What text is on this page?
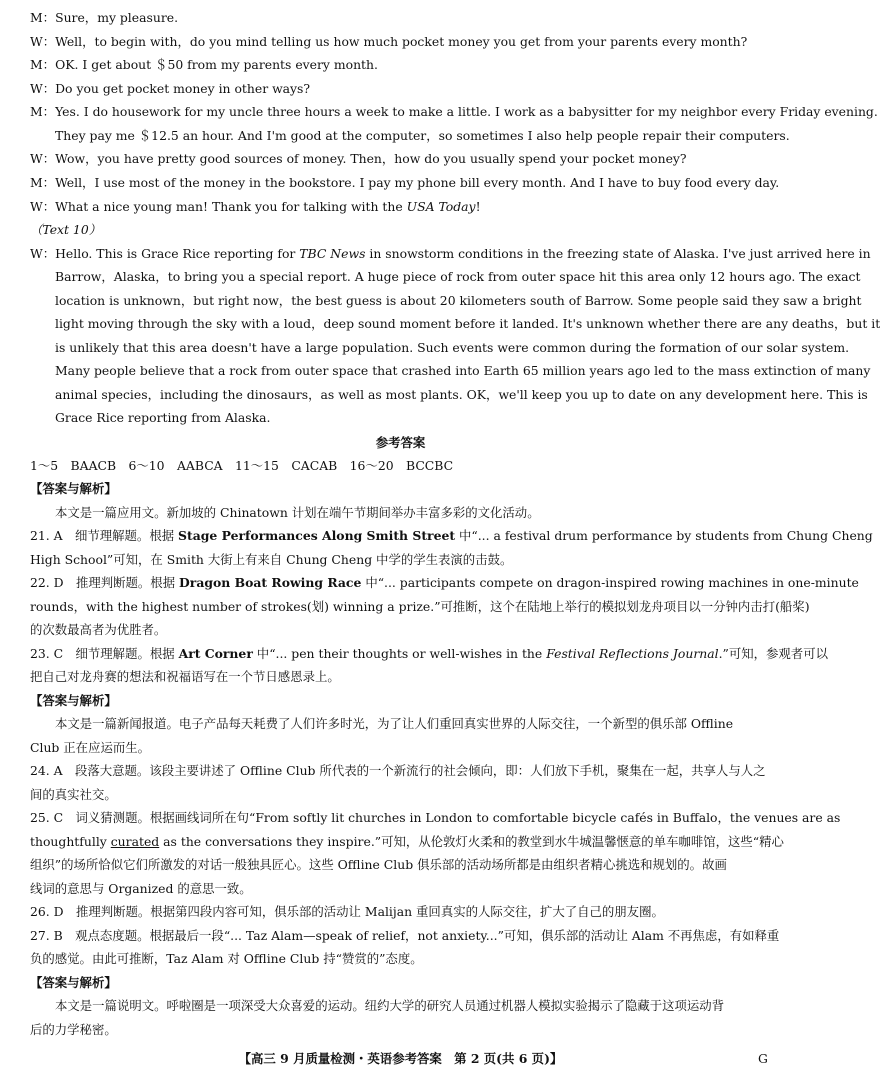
M：Sure，my pleasure.
W：Well，to begin with，do you mind telling us how much pocket money you get from your parents every month?
M：OK. I get about ＄50 from my parents every month.
W：Do you get pocket money in other ways?
M：Yes. I do housework for my uncle three hours a week to make a little. I work as a babysitter for my neighbor every Friday evening.
They pay me ＄12.5 an hour. And I'm good at the computer，so sometimes I also help people repair their computers.
W：Wow，you have pretty good sources of money. Then，how do you usually spend your pocket money?
M：Well，I use most of the money in the bookstore. I pay my phone bill every month. And I have to buy food every day.
W：What a nice young man! Thank you for talking with the USA Today!
（Text 10）
W：Hello. This is Grace Rice reporting for TBC News in snowstorm conditions in the freezing state of Alaska. I've just arrived here in
Barrow，Alaska，to bring you a special report. A huge piece of rock from outer space hit this area only 12 hours ago. The exact
location is unknown，but right now，the best guess is about 20 kilometers south of Barrow. Some people said they saw a bright
light moving through the sky with a loud，deep sound moment before it landed. It's unknown whether there are any deaths，but it
is unlikely that this area doesn't have a large population. Such events were common during the formation of our solar system.
Many people believe that a rock from outer space that crashed into Earth 65 million years ago led to the mass extinction of many
animal species，including the dinosaurs，as well as most plants. OK，we'll keep you up to date on any development here. This is
Grace Rice reporting from Alaska.
参考答案
1～5　BAACB　6～10　AABCA　11～15　CACAB　16～20　BCCBC
【答案与解析】
本文是一篇应用文。新加坡的 Chinatown 计划在端午节期间举办丰富多彩的文化活动。
21. A　细节理解题。根据 Stage Performances Along Smith Street 中“... a festival drum performance by students from Chung Cheng
High School”可知，在 Smith 大街上有来自 Chung Cheng 中学的学生表演的击鼓。
22. D　推理判断题。根据 Dragon Boat Rowing Race 中“... participants compete on dragon-inspired rowing machines in one-minute
rounds，with the highest number of strokes(划) winning a prize.”可推断，这个在陆地上举行的模拟划龙舟项目以一分钟内击打(船桨)
的次数最高者为优胜者。
23. C　细节理解题。根据 Art Corner 中“... pen their thoughts or well-wishes in the Festival Reflections Journal.”可知，参观者可以
把自己对龙舟赛的想法和祝福语写在一个节日感恩录上。
【答案与解析】
本文是一篇新闻报道。电子产品每天耗费了人们许多时光，为了让人们重回真实世界的人际交往，一个新型的俱乐部 Offline
Club 正在应运而生。
24. A　段落大意题。该段主要讲述了 Offline Club 所代表的一个新流行的社会倾向，即：人们放下手机，聚集在一起，共享人与人之
间的真实社交。
25. C　词义猜测题。根据画线词所在句“From softly lit churches in London to comfortable bicycle cafés in Buffalo，the venues are as
thoughtfully curated as the conversations they inspire.”可知，从伦敦灯火柔和的教堂到水牛城温馨惬意的单车咖啡馆，这些“精心
组织”的场所恰似它们所激发的对话一般独具匠心。这些 Offline Club 俱乐部的活动场所都是由组织者精心挑选和规划的。故画
线词的意思与 Organized 的意思一致。
26. D　推理判断题。根据第四段内容可知，俱乐部的活动让 Malijan 重回真实的人际交往，扩大了自己的朋友圈。
27. B　观点态度题。根据最后一段“... Taz Alam—speak of relief，not anxiety...”可知，俱乐部的活动让 Alam 不再焦虑，有如释重
负的感觉。由此可推断，Taz Alam 对 Offline Club 持“赞赏的”态度。
【答案与解析】
本文是一篇说明文。呼啦圈是一项深受大众喜爱的运动。纽约大学的研究人员通过机器人模拟实验揭示了隐藏于这项运动背
后的力学秘密。
【高三 9 月质量检测・英语参考答案　第 2 页(共 6 页)】	G
